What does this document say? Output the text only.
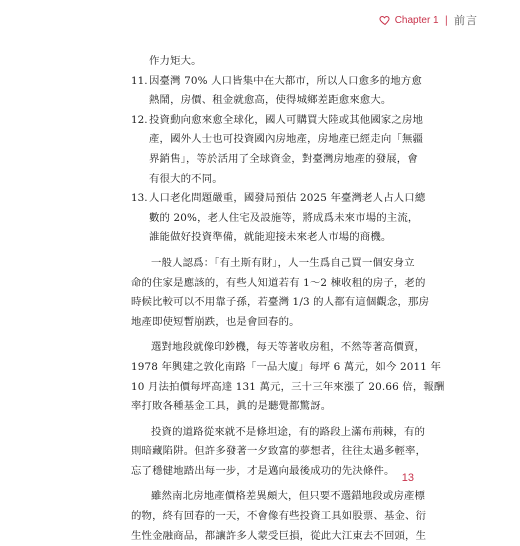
Chapter 1 | 前言
作力矩大。
11. 因臺灣 70% 人口皆集中在大都市，所以人口愈多的地方愈
熱鬧，房價、租金就愈高，使得城鄉差距愈來愈大。
12. 投資動向愈來愈全球化，國人可購買大陸或其他國家之房地
產，國外人士也可投資國內房地產，房地產已經走向「無疆
界銷售」，等於活用了全球資金，對臺灣房地產的發展，會
有很大的不同。
13. 人口老化問題嚴重，國發局預估 2025 年臺灣老人占人口總
數的 20%，老人住宅及設施等，將成爲未來市場的主流，
誰能做好投資準備，就能迎接未來老人市場的商機。
一般人認爲：「有土斯有財」，人一生爲自己買一個安身立
命的住家是應該的，有些人知道若有 1～2 棟收租的房子，老的
時候比較可以不用靠子孫，若臺灣 1/3 的人都有這個觀念，那房
地產即使短暫崩跌，也是會回春的。
選對地段就像印鈔機，每天等著收房租，不然等著高價賣，
1978 年興建之敦化南路「一品大廈」每坪 6 萬元，如今 2011 年
10 月法拍價每坪高達 131 萬元，三十三年來漲了 20.66 倍，報酬
率打敗各種基金工具，眞的是聽覺都驚訝。
投資的道路從來就不是條坦途，有的路段上滿布荊棘，有的
則暗藏陷阱。但許多發著一夕致富的夢想者，往往太過多輕率，
忘了穩健地踏出每一步，才是邁向最後成功的先決條件。
雖然南北房地產價格差異頗大，但只要不選錯地段或房產標
的物，終有回春的一天，不會像有些投資工具如股票、基金、衍
生性金融商品，都讓許多人蒙受巨損，從此大江東去不回頭，生
13
